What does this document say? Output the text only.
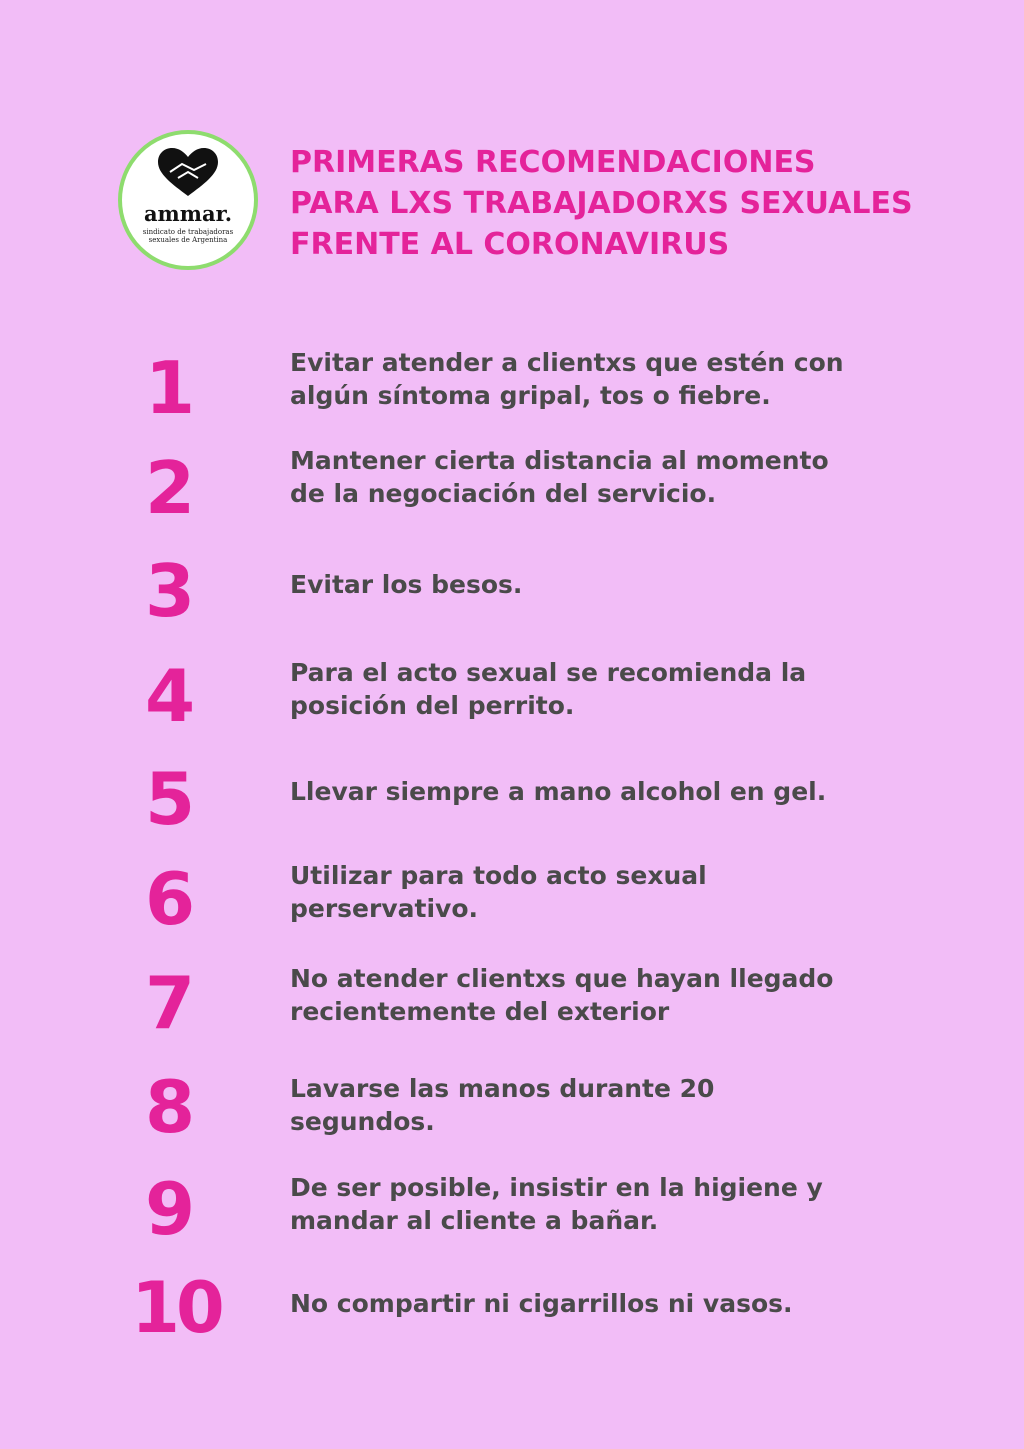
ammar.
sindicato de trabajadoras sexuales de Argentina
PRIMERAS RECOMENDACIONES
PARA LXS TRABAJADORXS SEXUALES
FRENTE AL CORONAVIRUS
1	Evitar atender a clientxs que estén con
algún síntoma gripal, tos o fiebre.
2	Mantener cierta distancia al momento
de la negociación del servicio.
3	Evitar los besos.
4	Para el acto sexual se recomienda la
posición del perrito.
5	Llevar siempre a mano alcohol en gel.
6	Utilizar para todo acto sexual
perservativo.
7	No atender clientxs que hayan llegado
recientemente del exterior
8	Lavarse las manos durante 20
segundos.
9	De ser posible, insistir en la higiene y
mandar al cliente a bañar.
10	No compartir ni cigarrillos ni vasos.
